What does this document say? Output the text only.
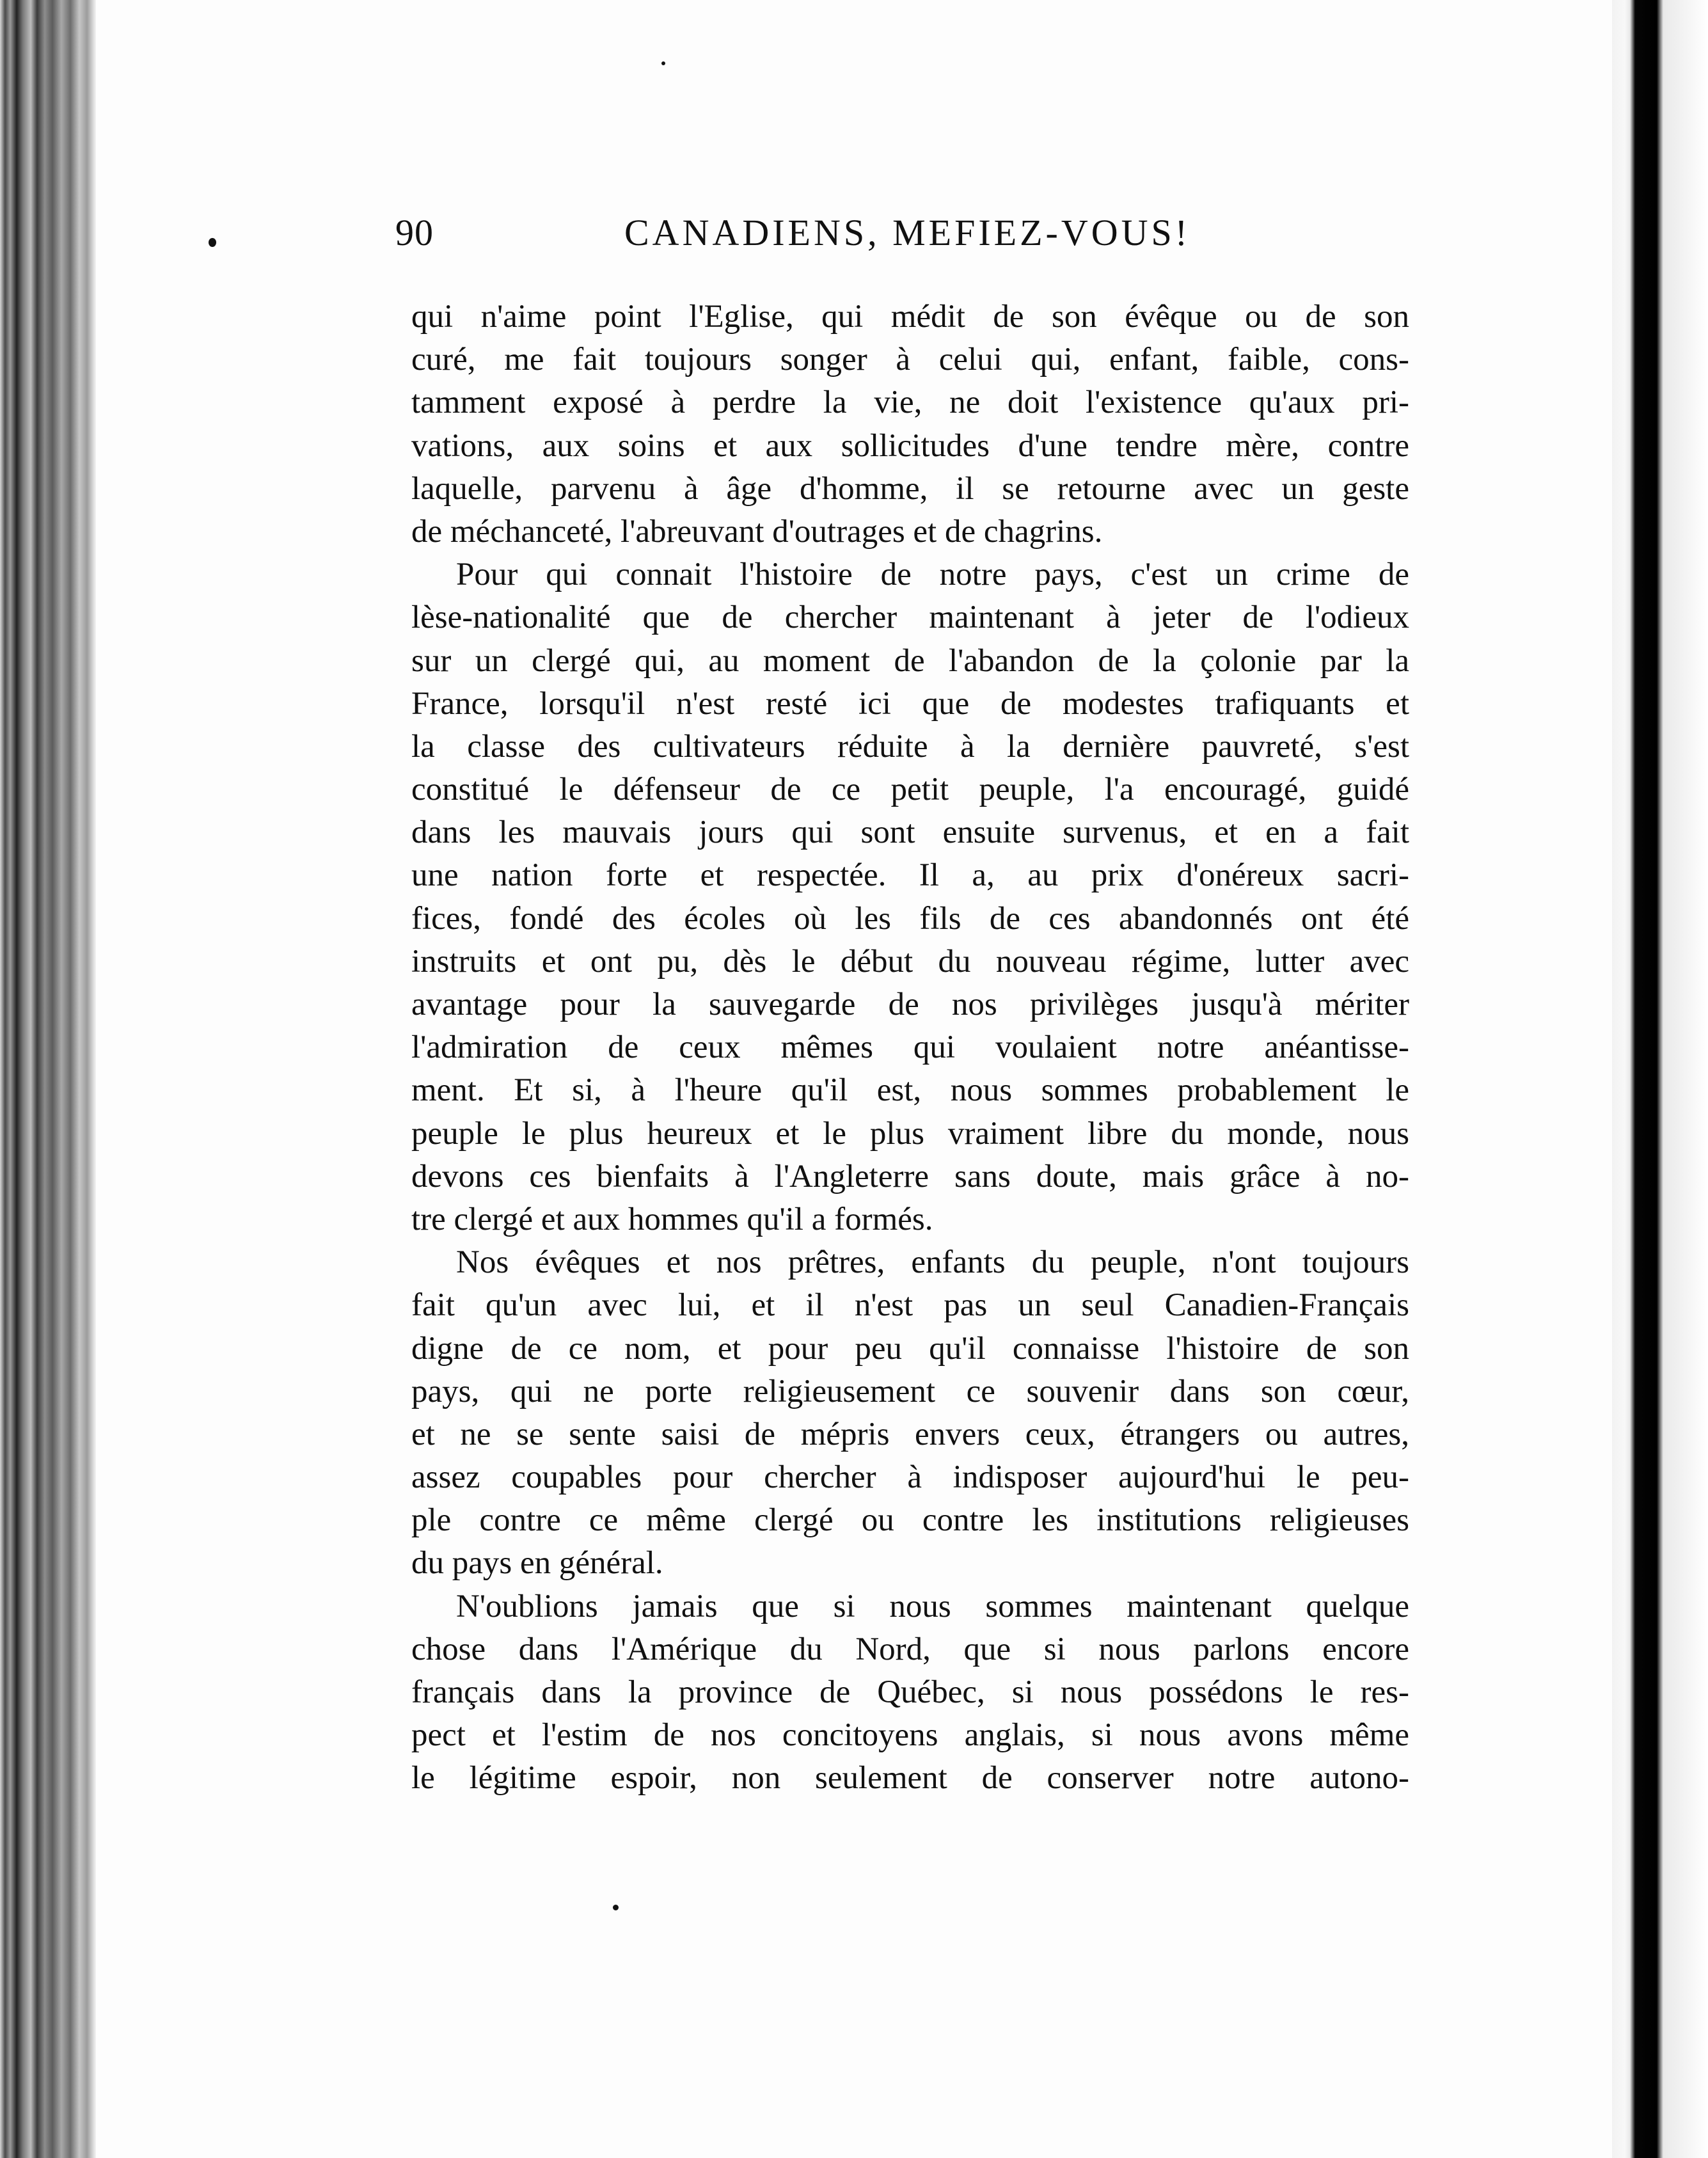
90	CANADIENS, MEFIEZ-VOUS!
qui n'aime point l'Eglise, qui médit de son évêque ou de son
curé, me fait toujours songer à celui qui, enfant, faible, cons-
tamment exposé à perdre la vie, ne doit l'existence qu'aux pri-
vations, aux soins et aux sollicitudes d'une tendre mère, contre
laquelle, parvenu à âge d'homme, il se retourne avec un geste
de méchanceté, l'abreuvant d'outrages et de chagrins.
Pour qui connait l'histoire de notre pays, c'est un crime de
lèse-nationalité que de chercher maintenant à jeter de l'odieux
sur un clergé qui, au moment de l'abandon de la çolonie par la
France, lorsqu'il n'est resté ici que de modestes trafiquants et
la classe des cultivateurs réduite à la dernière pauvreté, s'est
constitué le défenseur de ce petit peuple, l'a encouragé, guidé
dans les mauvais jours qui sont ensuite survenus, et en a fait
une nation forte et respectée. Il a, au prix d'onéreux sacri-
fices, fondé des écoles où les fils de ces abandonnés ont été
instruits et ont pu, dès le début du nouveau régime, lutter avec
avantage pour la sauvegarde de nos privilèges jusqu'à mériter
l'admiration de ceux mêmes qui voulaient notre anéantisse-
ment. Et si, à l'heure qu'il est, nous sommes probablement le
peuple le plus heureux et le plus vraiment libre du monde, nous
devons ces bienfaits à l'Angleterre sans doute, mais grâce à no-
tre clergé et aux hommes qu'il a formés.
Nos évêques et nos prêtres, enfants du peuple, n'ont toujours
fait qu'un avec lui, et il n'est pas un seul Canadien-Français
digne de ce nom, et pour peu qu'il connaisse l'histoire de son
pays, qui ne porte religieusement ce souvenir dans son cœur,
et ne se sente saisi de mépris envers ceux, étrangers ou autres,
assez coupables pour chercher à indisposer aujourd'hui le peu-
ple contre ce même clergé ou contre les institutions religieuses
du pays en général.
N'oublions jamais que si nous sommes maintenant quelque
chose dans l'Amérique du Nord, que si nous parlons encore
français dans la province de Québec, si nous possédons le res-
pect et l'estim de nos concitoyens anglais, si nous avons même
le légitime espoir, non seulement de conserver notre autono-
